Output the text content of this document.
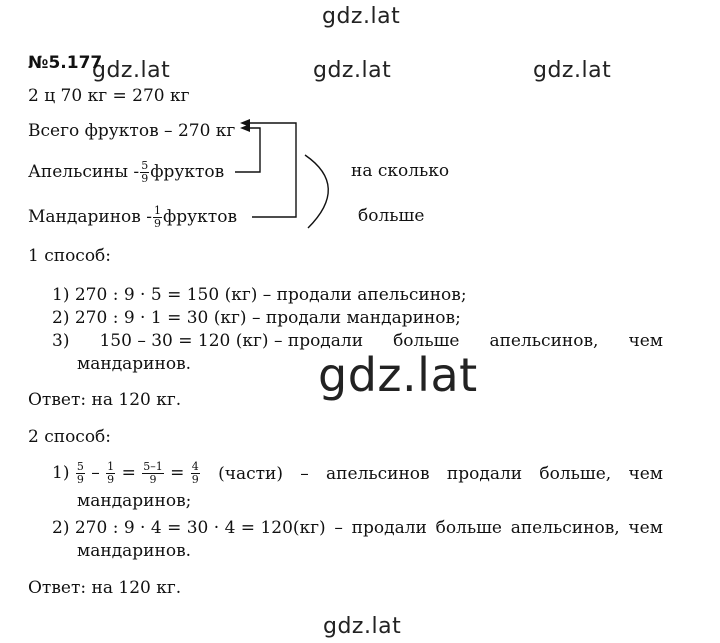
gdz.lat
gdz.lat	gdz.lat	gdz.lat
gdz.lat
gdz.lat
№5.177
2 ц 70 кг = 270 кг
Всего фруктов – 270 кг
Апельсины - $\frac{5}{9}$ фруктов
Мандаринов - $\frac{1}{9}$ фруктов
на сколько
больше
1 способ:
1) 270 : 9 · 5 = 150 (кг) – продали апельсинов;
2) 270 : 9 · 1 = 30 (кг) – продали мандаринов;
3) 150 – 30 = 120 (кг) – продали больше апельсинов, чем
мандаринов.
Ответ: на 120 кг.
2 способ:
$1) \frac{5}{9} - \frac{1}{9} = \frac{5-1}{9} = \frac{4}{9}$ (части) – апельсинов продали больше, чем
мандаринов;
2) 270 : 9 · 4 = 30 · 4 = 120(кг) – продали больше апельсинов, чем
мандаринов.
Ответ: на 120 кг.
